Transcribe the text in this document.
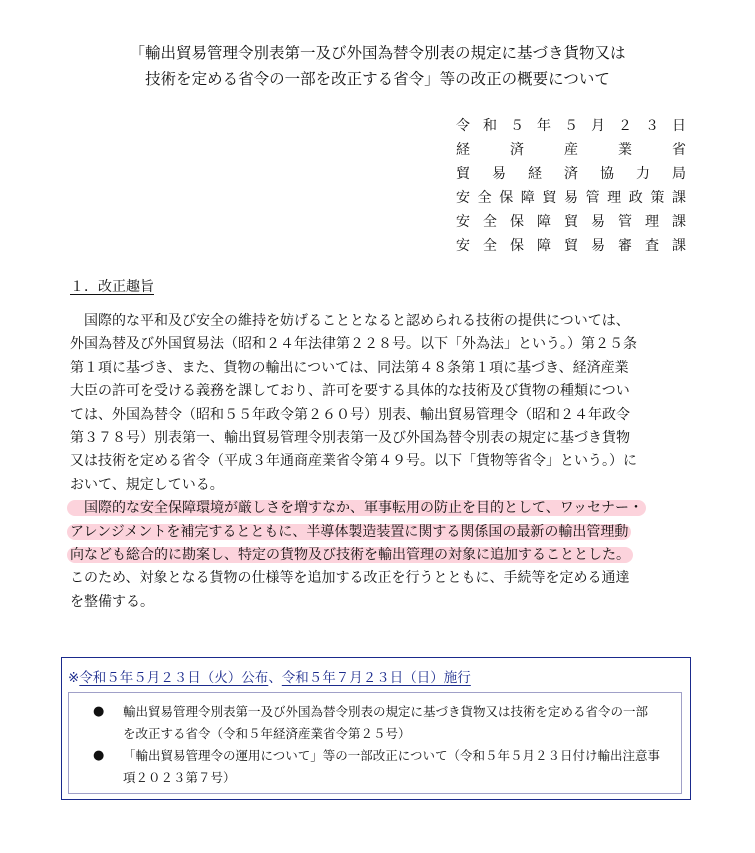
「輸出貿易管理令別表第一及び外国為替令別表の規定に基づき貨物又は
技術を定める省令の一部を改正する省令」等の改正の概要について
令 和 ５ 年 ５ 月 ２ ３ 日
経	済	産	業	省
貿 易 経 済 協 力 局
安 全 保 障 貿 易 管 理 政 策 課
安 全 保 障 貿 易 管 理 課
安 全 保 障 貿 易 審 査 課
１．改正趣旨
　国際的な平和及び安全の維持を妨げることとなると認められる技術の提供については、
外国為替及び外国貿易法（昭和２４年法律第２２８号。以下「外為法」という。）第２５条
第１項に基づき、また、貨物の輸出については、同法第４８条第１項に基づき、経済産業
大臣の許可を受ける義務を課しており、許可を要する具体的な技術及び貨物の種類につい
ては、外国為替令（昭和５５年政令第２６０号）別表、輸出貿易管理令（昭和２４年政令
第３７８号）別表第一、輸出貿易管理令別表第一及び外国為替令別表の規定に基づき貨物
又は技術を定める省令（平成３年通商産業省令第４９号。以下「貨物等省令」という。）に
おいて、規定している。
　国際的な安全保障環境が厳しさを増すなか、軍事転用の防止を目的として、ワッセナー・
アレンジメントを補完するとともに、半導体製造装置に関する関係国の最新の輸出管理動
向なども総合的に勘案し、特定の貨物及び技術を輸出管理の対象に追加することとした。
このため、対象となる貨物の仕様等を追加する改正を行うとともに、手続等を定める通達
を整備する。
※令和５年５月２３日（火）公布、令和５年７月２３日（日）施行
● 輸出貿易管理令別表第一及び外国為替令別表の規定に基づき貨物又は技術を定める省令の一部
を改正する省令（令和５年経済産業省令第２５号）
● 「輸出貿易管理令の運用について」等の一部改正について（令和５年５月２３日付け輸出注意事
項２０２３第７号）
